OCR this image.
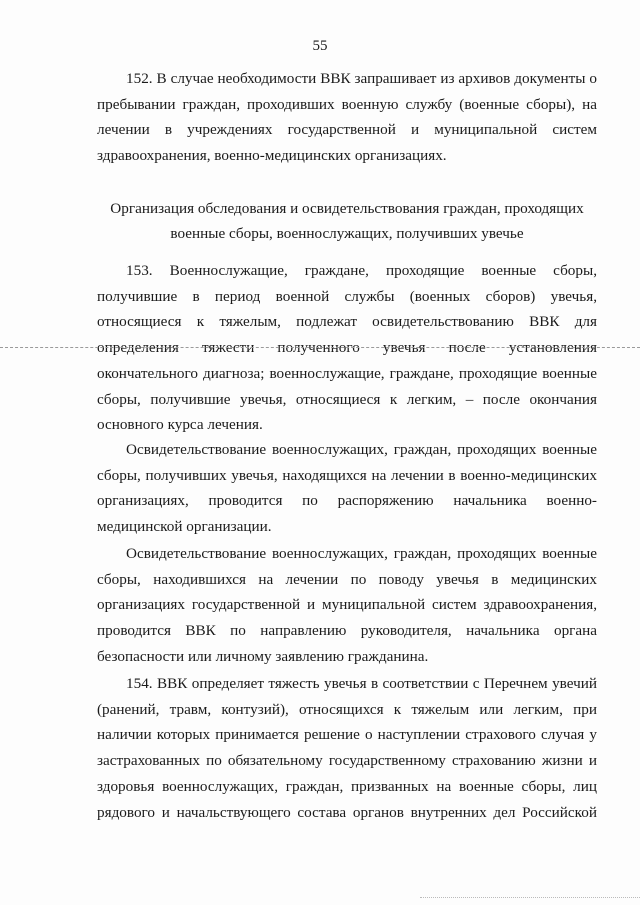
55
152. В случае необходимости ВВК запрашивает из архивов документы о
пребывании граждан, проходивших военную службу (военные сборы), на
лечении в учреждениях государственной и муниципальной систем
здравоохранения, военно-медицинских организациях.
Организация обследования и освидетельствования граждан, проходящих
военные сборы, военнослужащих, получивших увечье
153. Военнослужащие, граждане, проходящие военные сборы,
получившие в период военной службы (военных сборов) увечья,
относящиеся к тяжелым, подлежат освидетельствованию ВВК для
определения тяжести полученного увечья после установления
окончательного диагноза; военнослужащие, граждане, проходящие военные
сборы, получившие увечья, относящиеся к легким, – после окончания
основного курса лечения.
Освидетельствование военнослужащих, граждан, проходящих военные
сборы, получивших увечья, находящихся на лечении в военно-медицинских
организациях, проводится по распоряжению начальника военно-
медицинской организации.
Освидетельствование военнослужащих, граждан, проходящих военные
сборы, находившихся на лечении по поводу увечья в медицинских
организациях государственной и муниципальной систем здравоохранения,
проводится ВВК по направлению руководителя, начальника органа
безопасности или личному заявлению гражданина.
154. ВВК определяет тяжесть увечья в соответствии с Перечнем увечий
(ранений, травм, контузий), относящихся к тяжелым или легким, при
наличии которых принимается решение о наступлении страхового случая у
застрахованных по обязательному государственному страхованию жизни и
здоровья военнослужащих, граждан, призванных на военные сборы, лиц
рядового и начальствующего состава органов внутренних дел Российской
